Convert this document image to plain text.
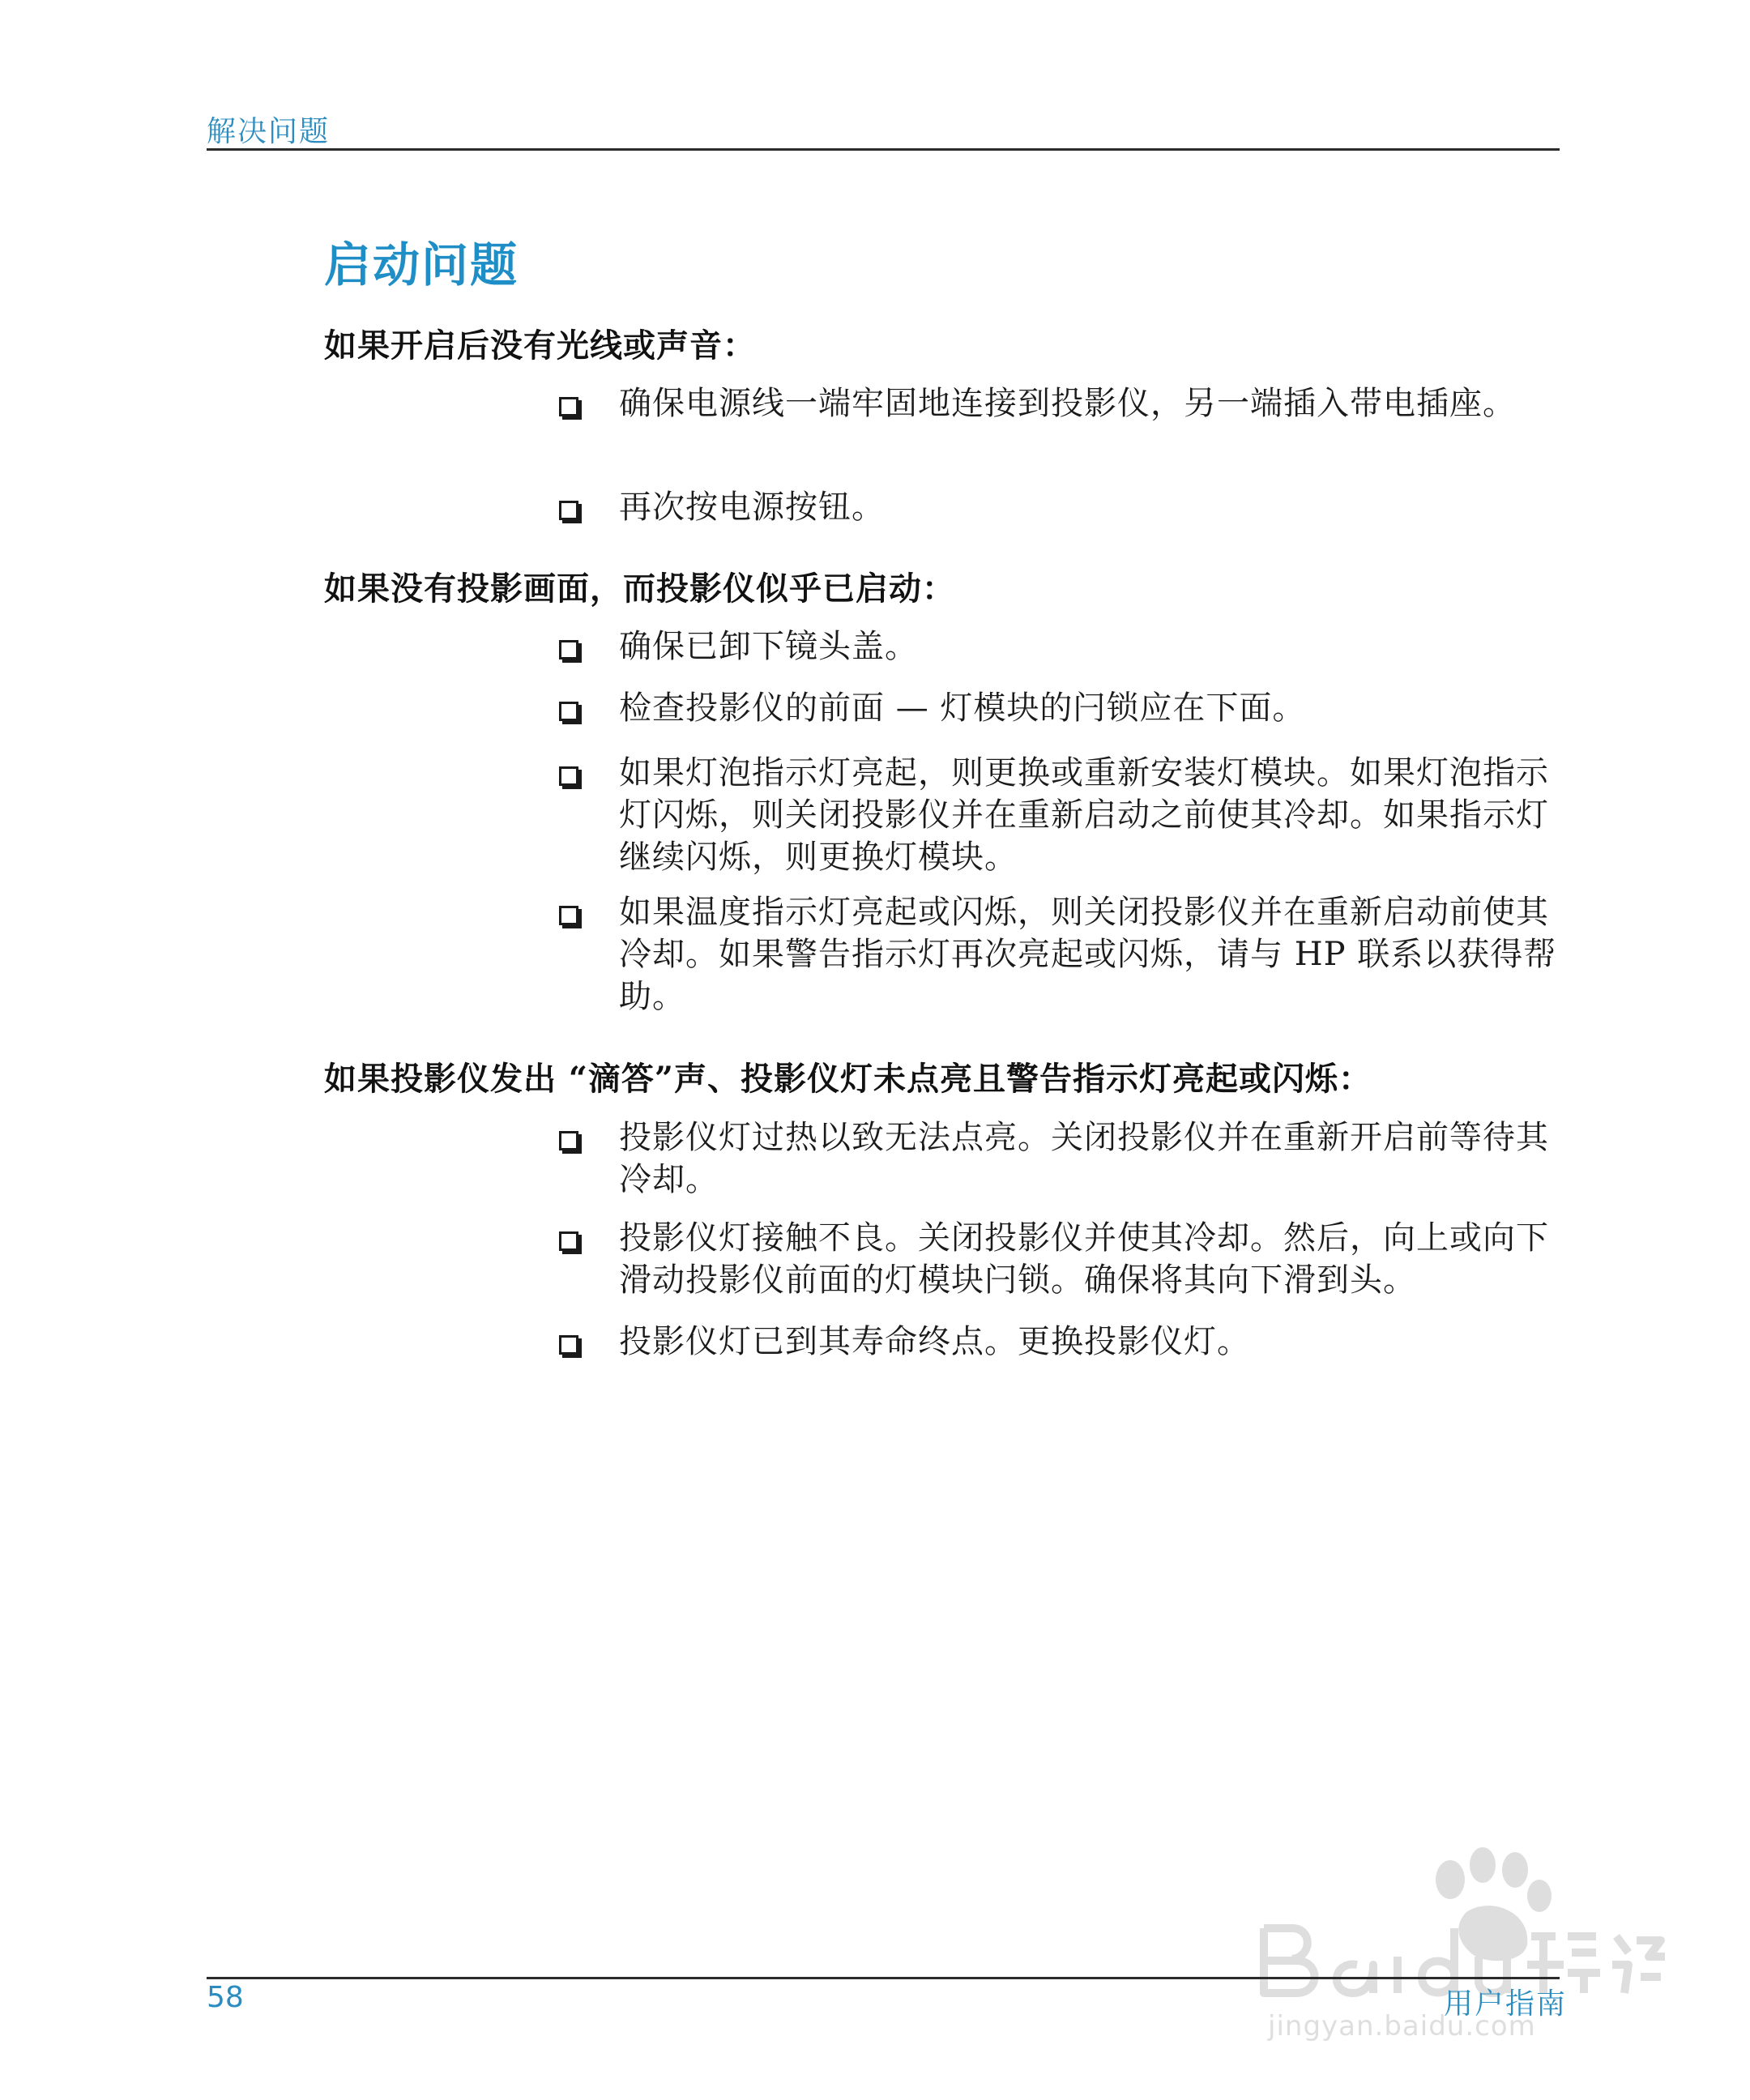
解决问题
启动问题
如果开启后没有光线或声音：
确保电源线一端牢固地连接到投影仪，另一端插入带电插座。
再次按电源按钮。
如果没有投影画面，而投影仪似乎已启动：
确保已卸下镜头盖。
检查投影仪的前面 — 灯模块的闩锁应在下面。
如果灯泡指示灯亮起，则更换或重新安装灯模块。如果灯泡指示灯闪烁，则关闭投影仪并在重新启动之前使其冷却。如果指示灯继续闪烁，则更换灯模块。
如果温度指示灯亮起或闪烁，则关闭投影仪并在重新启动前使其冷却。如果警告指示灯再次亮起或闪烁，请与 HP 联系以获得帮助。
如果投影仪发出 “滴答”声、投影仪灯未点亮且警告指示灯亮起或闪烁：
投影仪灯过热以致无法点亮。关闭投影仪并在重新开启前等待其冷却。
投影仪灯接触不良。关闭投影仪并使其冷却。然后，向上或向下滑动投影仪前面的灯模块闩锁。确保将其向下滑到头。
投影仪灯已到其寿命终点。更换投影仪灯。
jingyan.baidu.com
58	用户指南
